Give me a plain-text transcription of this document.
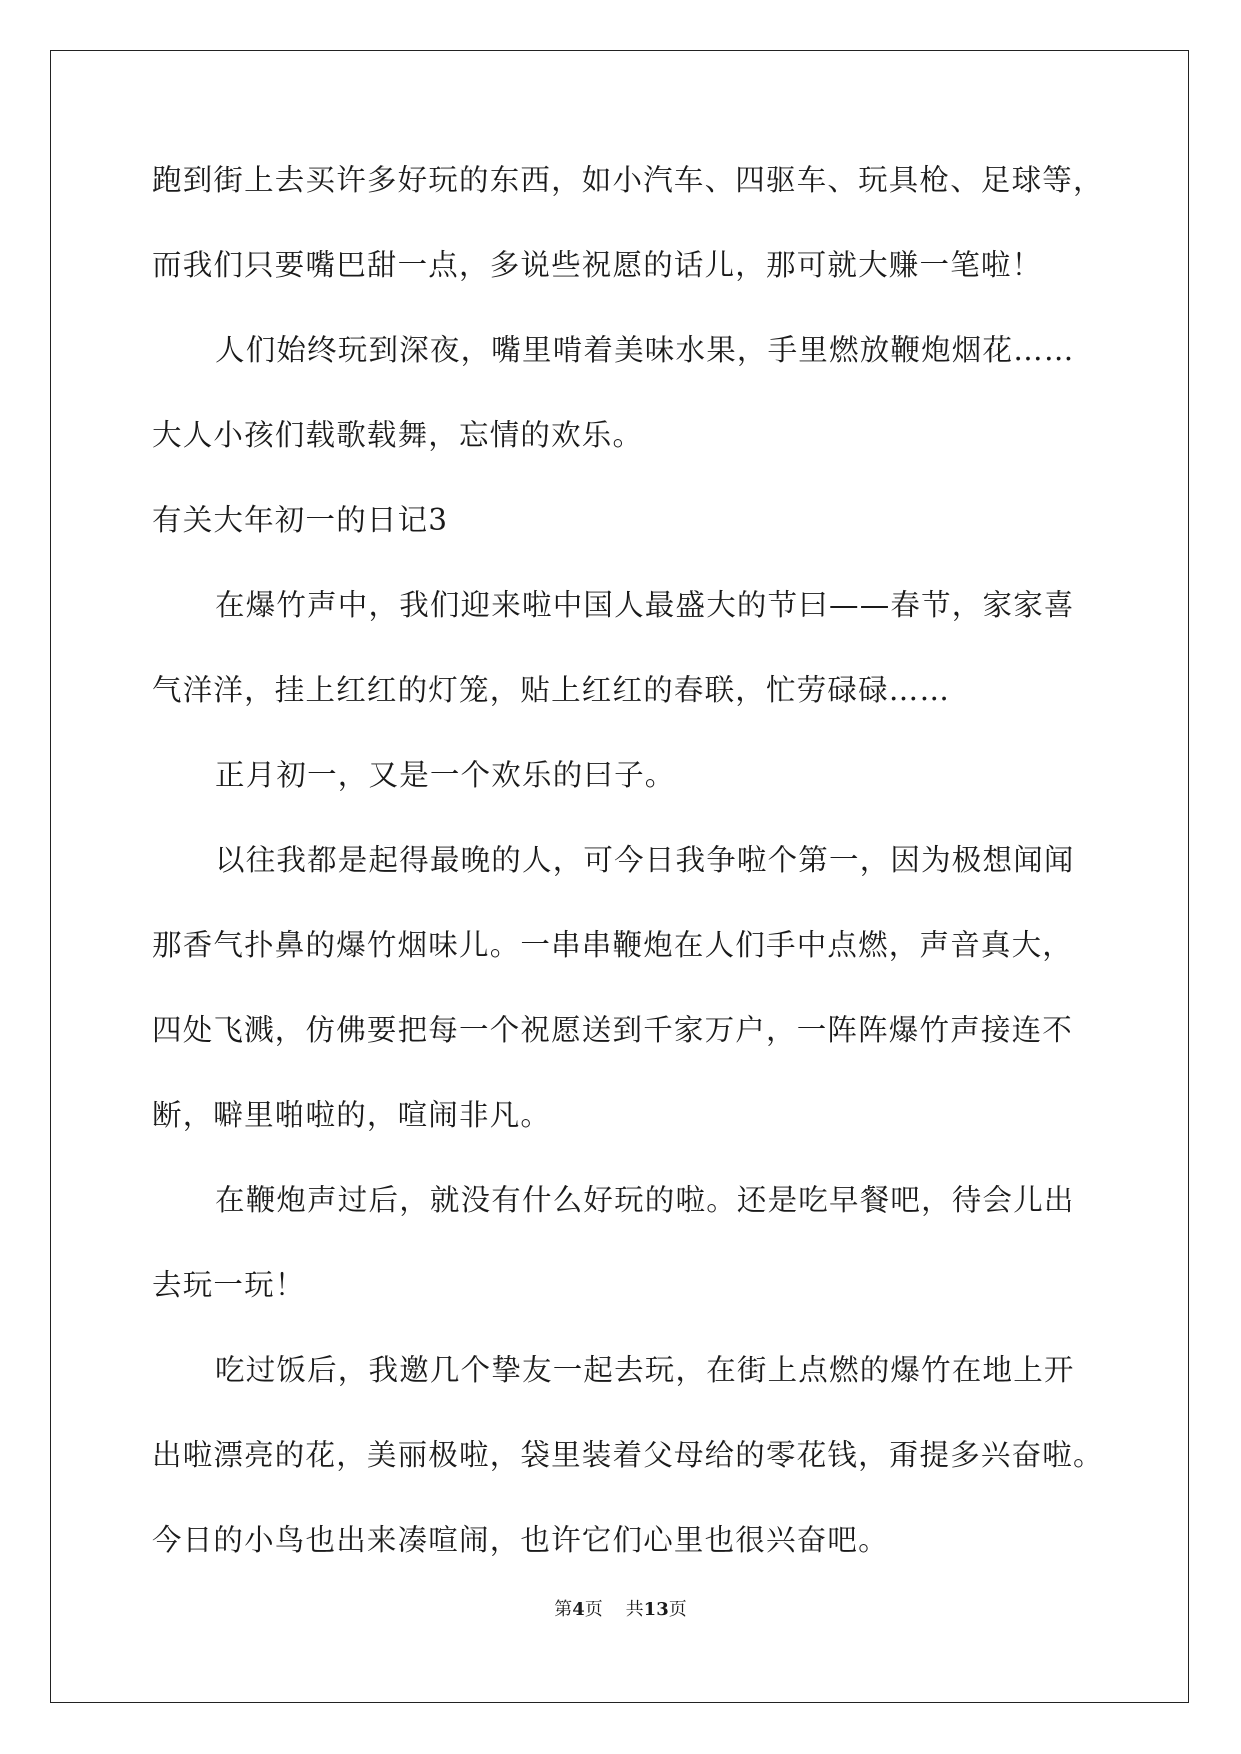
跑到街上去买许多好玩的东西，如小汽车、四驱车、玩具枪、足球等，
而我们只要嘴巴甜一点，多说些祝愿的话儿，那可就大赚一笔啦！
人们始终玩到深夜，嘴里啃着美味水果，手里燃放鞭炮烟花……
大人小孩们载歌载舞，忘情的欢乐。
有关大年初一的日记3
在爆竹声中，我们迎来啦中国人最盛大的节曰——春节，家家喜
气洋洋，挂上红红的灯笼，贴上红红的春联，忙劳碌碌……
正月初一，又是一个欢乐的曰子。
以往我都是起得最晚的人，可今日我争啦个第一，因为极想闻闻
那香气扑鼻的爆竹烟味儿。一串串鞭炮在人们手中点燃，声音真大，
四处飞溅，仿佛要把每一个祝愿送到千家万户，一阵阵爆竹声接连不
断，噼里啪啦的，喧闹非凡。
在鞭炮声过后，就没有什么好玩的啦。还是吃早餐吧，待会儿出
去玩一玩！
吃过饭后，我邀几个挚友一起去玩，在街上点燃的爆竹在地上开
出啦漂亮的花，美丽极啦，袋里装着父母给的零花钱，甭提多兴奋啦。
今日的小鸟也出来凑喧闹，也许它们心里也很兴奋吧。
第4页 共13页
